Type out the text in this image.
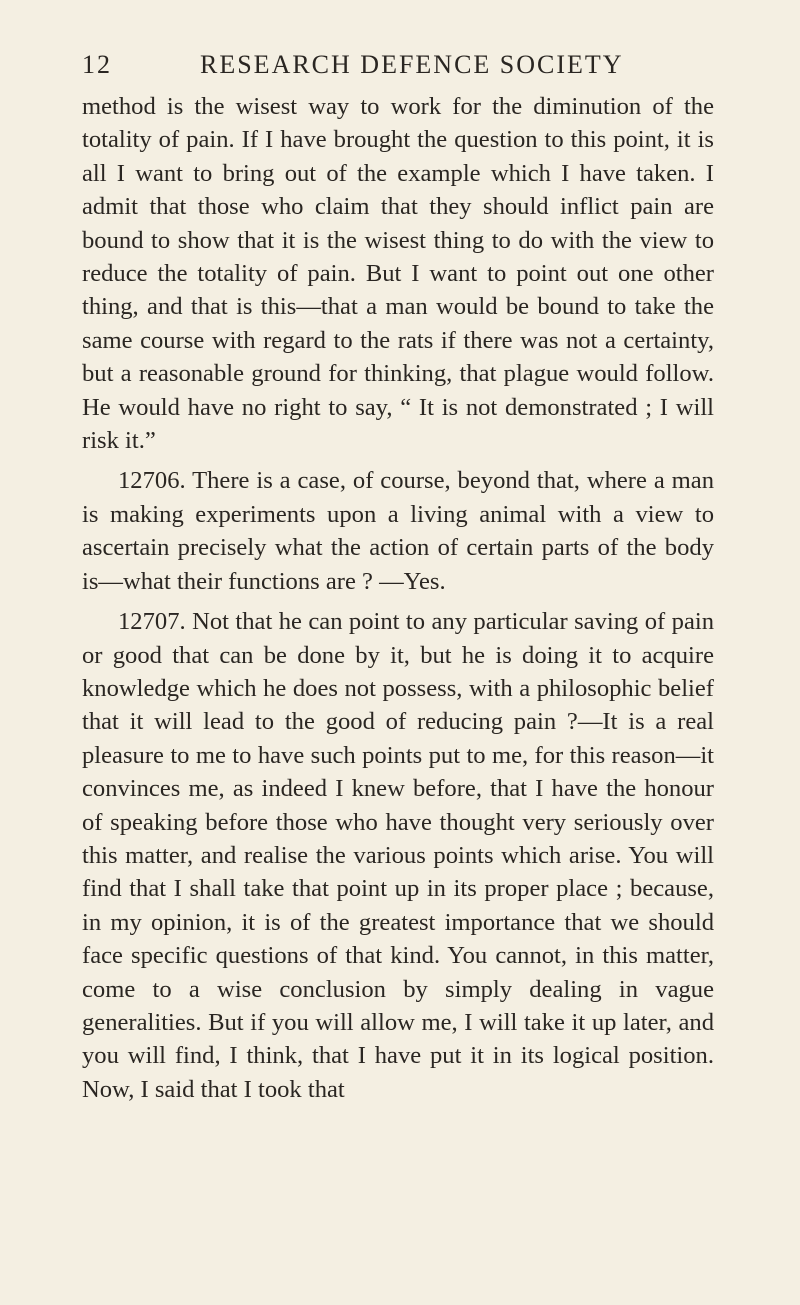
12	RESEARCH DEFENCE SOCIETY

method is the wisest way to work for the diminution of the totality of pain. If I have brought the question to this point, it is all I want to bring out of the example which I have taken. I admit that those who claim that they should inflict pain are bound to show that it is the wisest thing to do with the view to reduce the totality of pain. But I want to point out one other thing, and that is this—that a man would be bound to take the same course with regard to the rats if there was not a certainty, but a reasonable ground for thinking, that plague would follow. He would have no right to say, “ It is not demonstrated ; I will risk it.”

12706. There is a case, of course, beyond that, where a man is making experiments upon a living animal with a view to ascertain precisely what the action of certain parts of the body is—what their functions are ? —Yes.

12707. Not that he can point to any particular saving of pain or good that can be done by it, but he is doing it to acquire knowledge which he does not possess, with a philosophic belief that it will lead to the good of reducing pain ?—It is a real pleasure to me to have such points put to me, for this reason—it convinces me, as indeed I knew before, that I have the honour of speaking before those who have thought very seriously over this matter, and realise the various points which arise. You will find that I shall take that point up in its proper place ; because, in my opinion, it is of the greatest importance that we should face specific questions of that kind. You cannot, in this matter, come to a wise conclusion by simply dealing in vague generalities. But if you will allow me, I will take it up later, and you will find, I think, that I have put it in its logical position. Now, I said that I took that
